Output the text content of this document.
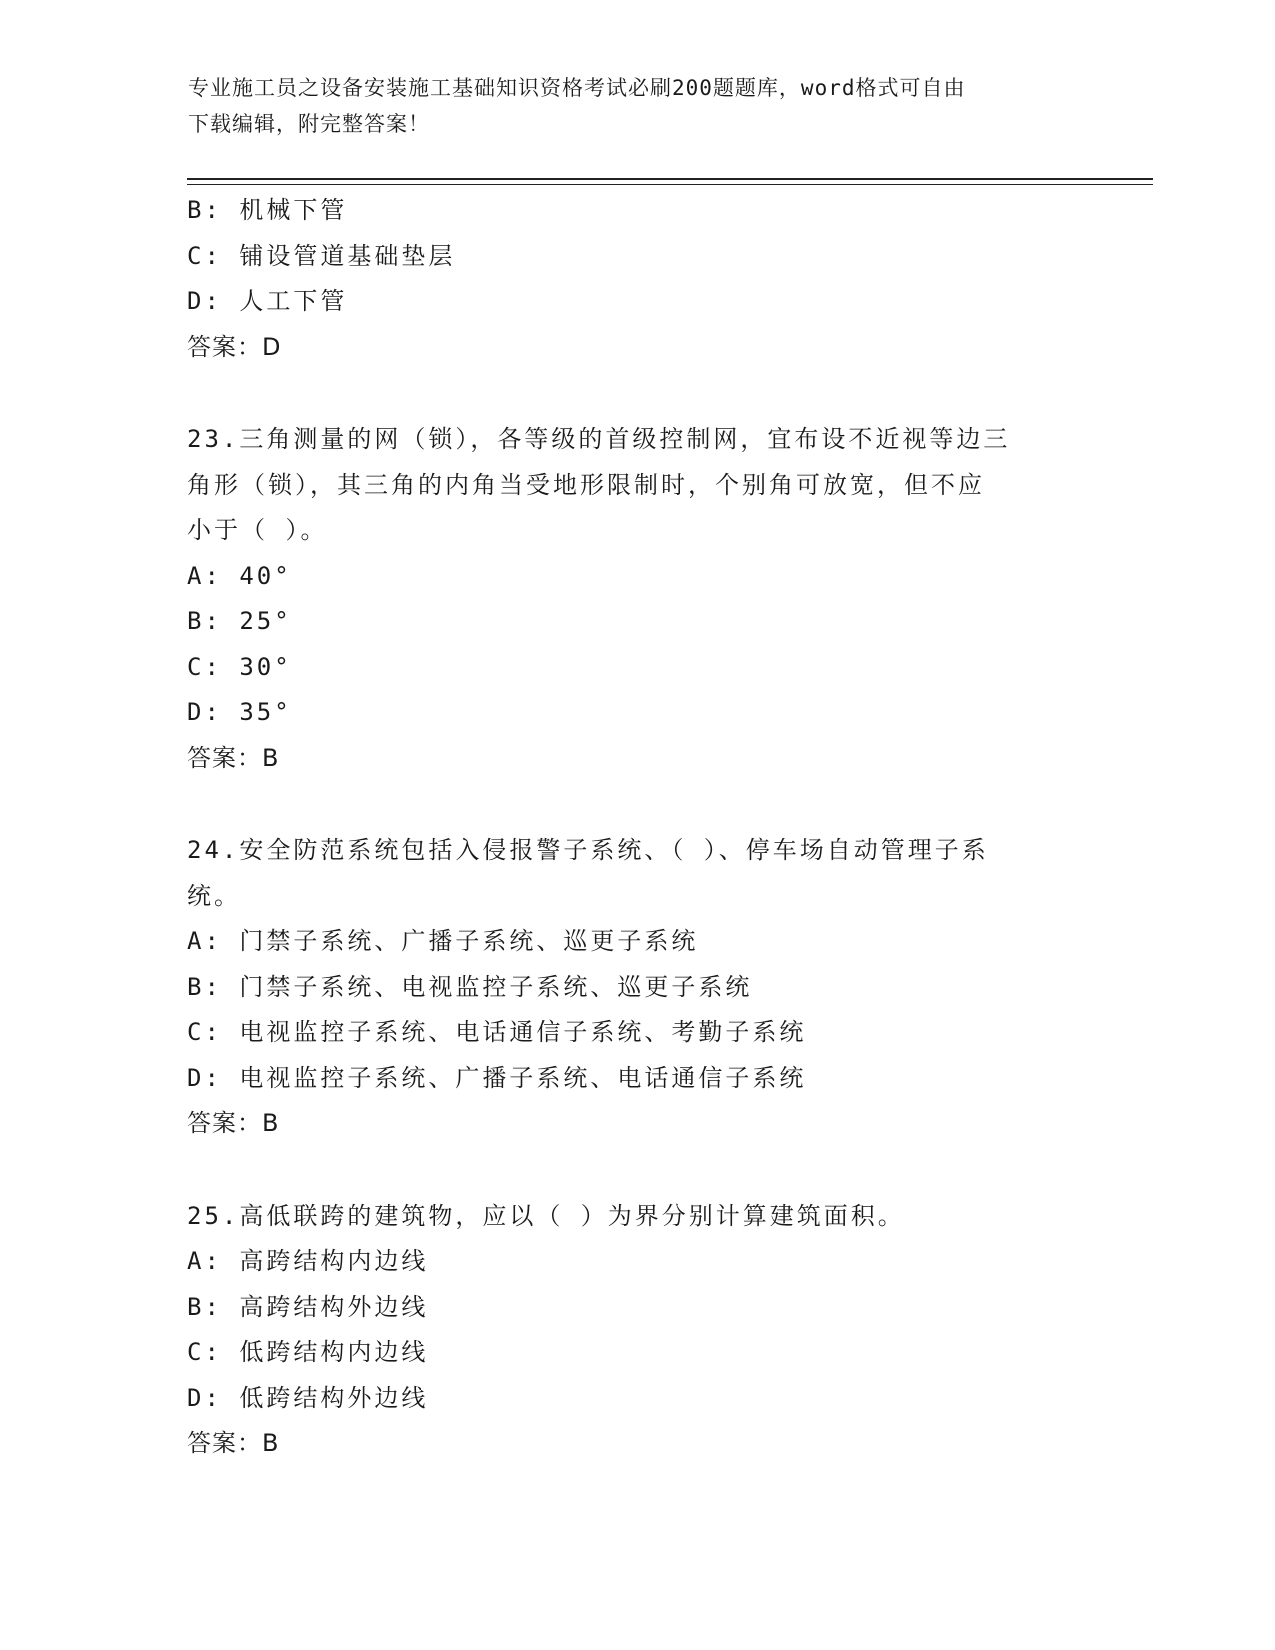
专业施工员之设备安装施工基础知识资格考试必刷200题题库，word格式可自由
下载编辑，附完整答案！
B: 机械下管
C: 铺设管道基础垫层
D: 人工下管
答案：D
23.三角测量的网（锁），各等级的首级控制网，宜布设不近视等边三
角形（锁），其三角的内角当受地形限制时，个别角可放宽，但不应
小于（ ）。
A: 40°
B: 25°
C: 30°
D: 35°
答案：B
24.安全防范系统包括入侵报警子系统、（ ）、停车场自动管理子系
统。
A: 门禁子系统、广播子系统、巡更子系统
B: 门禁子系统、电视监控子系统、巡更子系统
C: 电视监控子系统、电话通信子系统、考勤子系统
D: 电视监控子系统、广播子系统、电话通信子系统
答案：B
25.高低联跨的建筑物，应以（ ）为界分别计算建筑面积。
A: 高跨结构内边线
B: 高跨结构外边线
C: 低跨结构内边线
D: 低跨结构外边线
答案：B
